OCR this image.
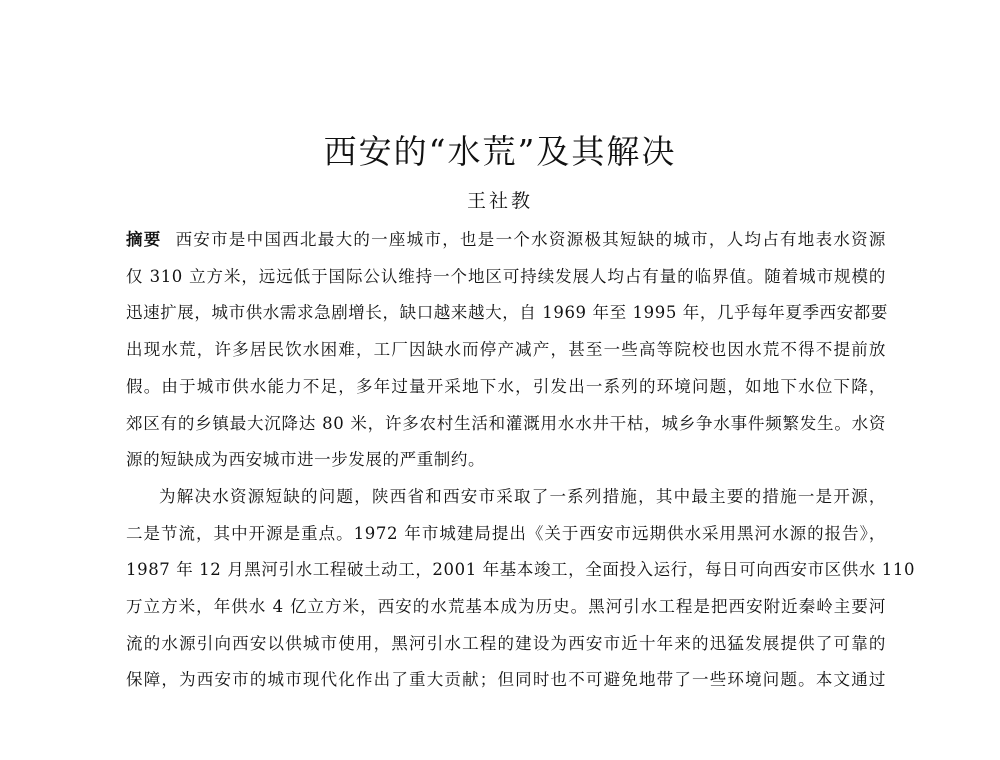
西安的“水荒”及其解决
王社教

摘要 西安市是中国西北最大的一座城市，也是一个水资源极其短缺的城市，人均占有地表水资源
仅 310 立方米，远远低于国际公认维持一个地区可持续发展人均占有量的临界值。随着城市规模的
迅速扩展，城市供水需求急剧增长，缺口越来越大，自 1969 年至 1995 年，几乎每年夏季西安都要
出现水荒，许多居民饮水困难，工厂因缺水而停产减产，甚至一些高等院校也因水荒不得不提前放
假。由于城市供水能力不足，多年过量开采地下水，引发出一系列的环境问题，如地下水位下降，
郊区有的乡镇最大沉降达 80 米，许多农村生活和灌溉用水水井干枯，城乡争水事件频繁发生。水资
源的短缺成为西安城市进一步发展的严重制约。

为解决水资源短缺的问题，陕西省和西安市采取了一系列措施，其中最主要的措施一是开源，
二是节流，其中开源是重点。1972 年市城建局提出《关于西安市远期供水采用黑河水源的报告》，
1987 年 12 月黑河引水工程破土动工，2001 年基本竣工，全面投入运行，每日可向西安市区供水 110
万立方米，年供水 4 亿立方米，西安的水荒基本成为历史。黑河引水工程是把西安附近秦岭主要河
流的水源引向西安以供城市使用，黑河引水工程的建设为西安市近十年来的迅猛发展提供了可靠的
保障，为西安市的城市现代化作出了重大贡献；但同时也不可避免地带了一些环境问题。本文通过
